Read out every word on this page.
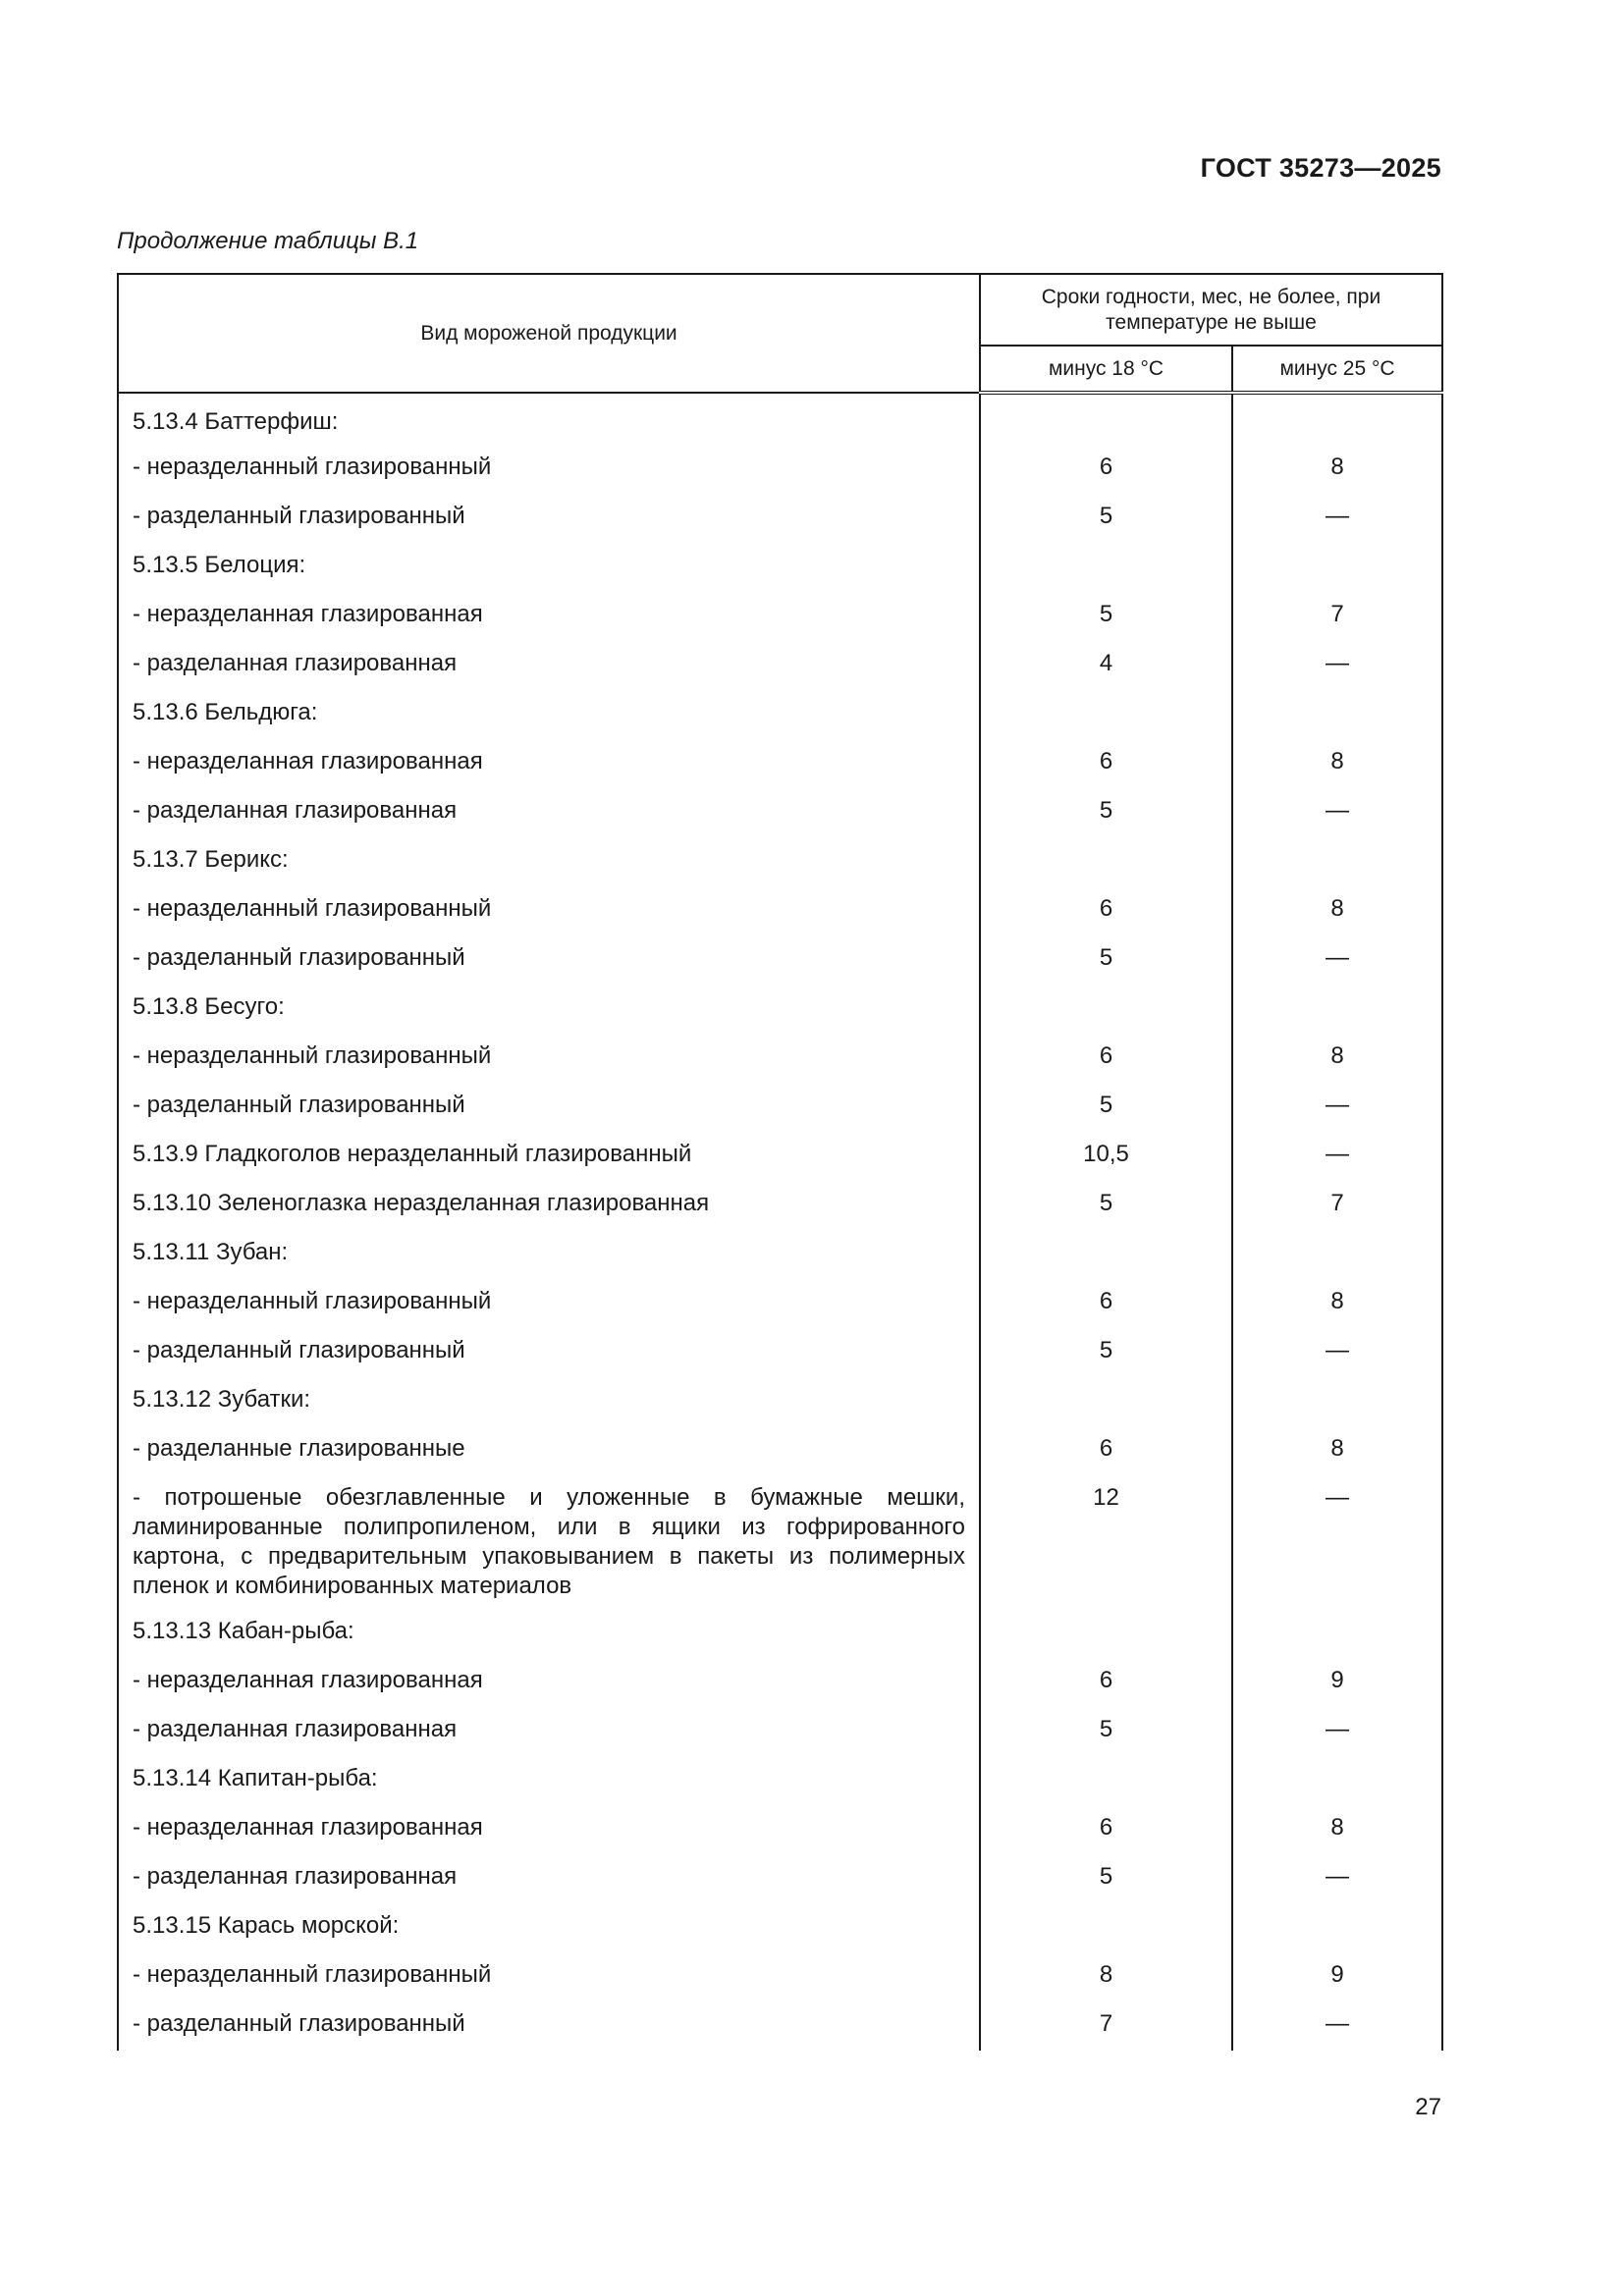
ГОСТ 35273—2025
Продолжение таблицы В.1
Вид мороженой продукции	Сроки годности, мес, не более, при температуре не выше	
	минус 18 °С	минус 25 °С
5.13.4 Баттерфиш:		
- неразделанный глазированный	6	8
- разделанный глазированный	5	—
5.13.5 Белоция:		
- неразделанная глазированная	5	7
- разделанная глазированная	4	—
5.13.6 Бельдюга:		
- неразделанная глазированная	6	8
- разделанная глазированная	5	—
5.13.7 Берикс:		
- неразделанный глазированный	6	8
- разделанный глазированный	5	—
5.13.8 Бесуго:		
- неразделанный глазированный	6	8
- разделанный глазированный	5	—
5.13.9 Гладкоголов неразделанный глазированный	10,5	—
5.13.10 Зеленоглазка неразделанная глазированная	5	7
5.13.11 Зубан:		
- неразделанный глазированный	6	8
- разделанный глазированный	5	—
5.13.12 Зубатки:		
- разделанные глазированные	6	8
- потрошеные обезглавленные и уложенные в бумажные мешки, ламинированные полипропиленом, или в ящики из гофрированного картона, с предварительным упаковыванием в пакеты из полимерных пленок и комбинированных материалов	12	—
5.13.13 Кабан-рыба:		
- неразделанная глазированная	6	9
- разделанная глазированная	5	—
5.13.14 Капитан-рыба:		
- неразделанная глазированная	6	8
- разделанная глазированная	5	—
5.13.15 Карась морской:		
- неразделанный глазированный	8	9
- разделанный глазированный	7	—
27
